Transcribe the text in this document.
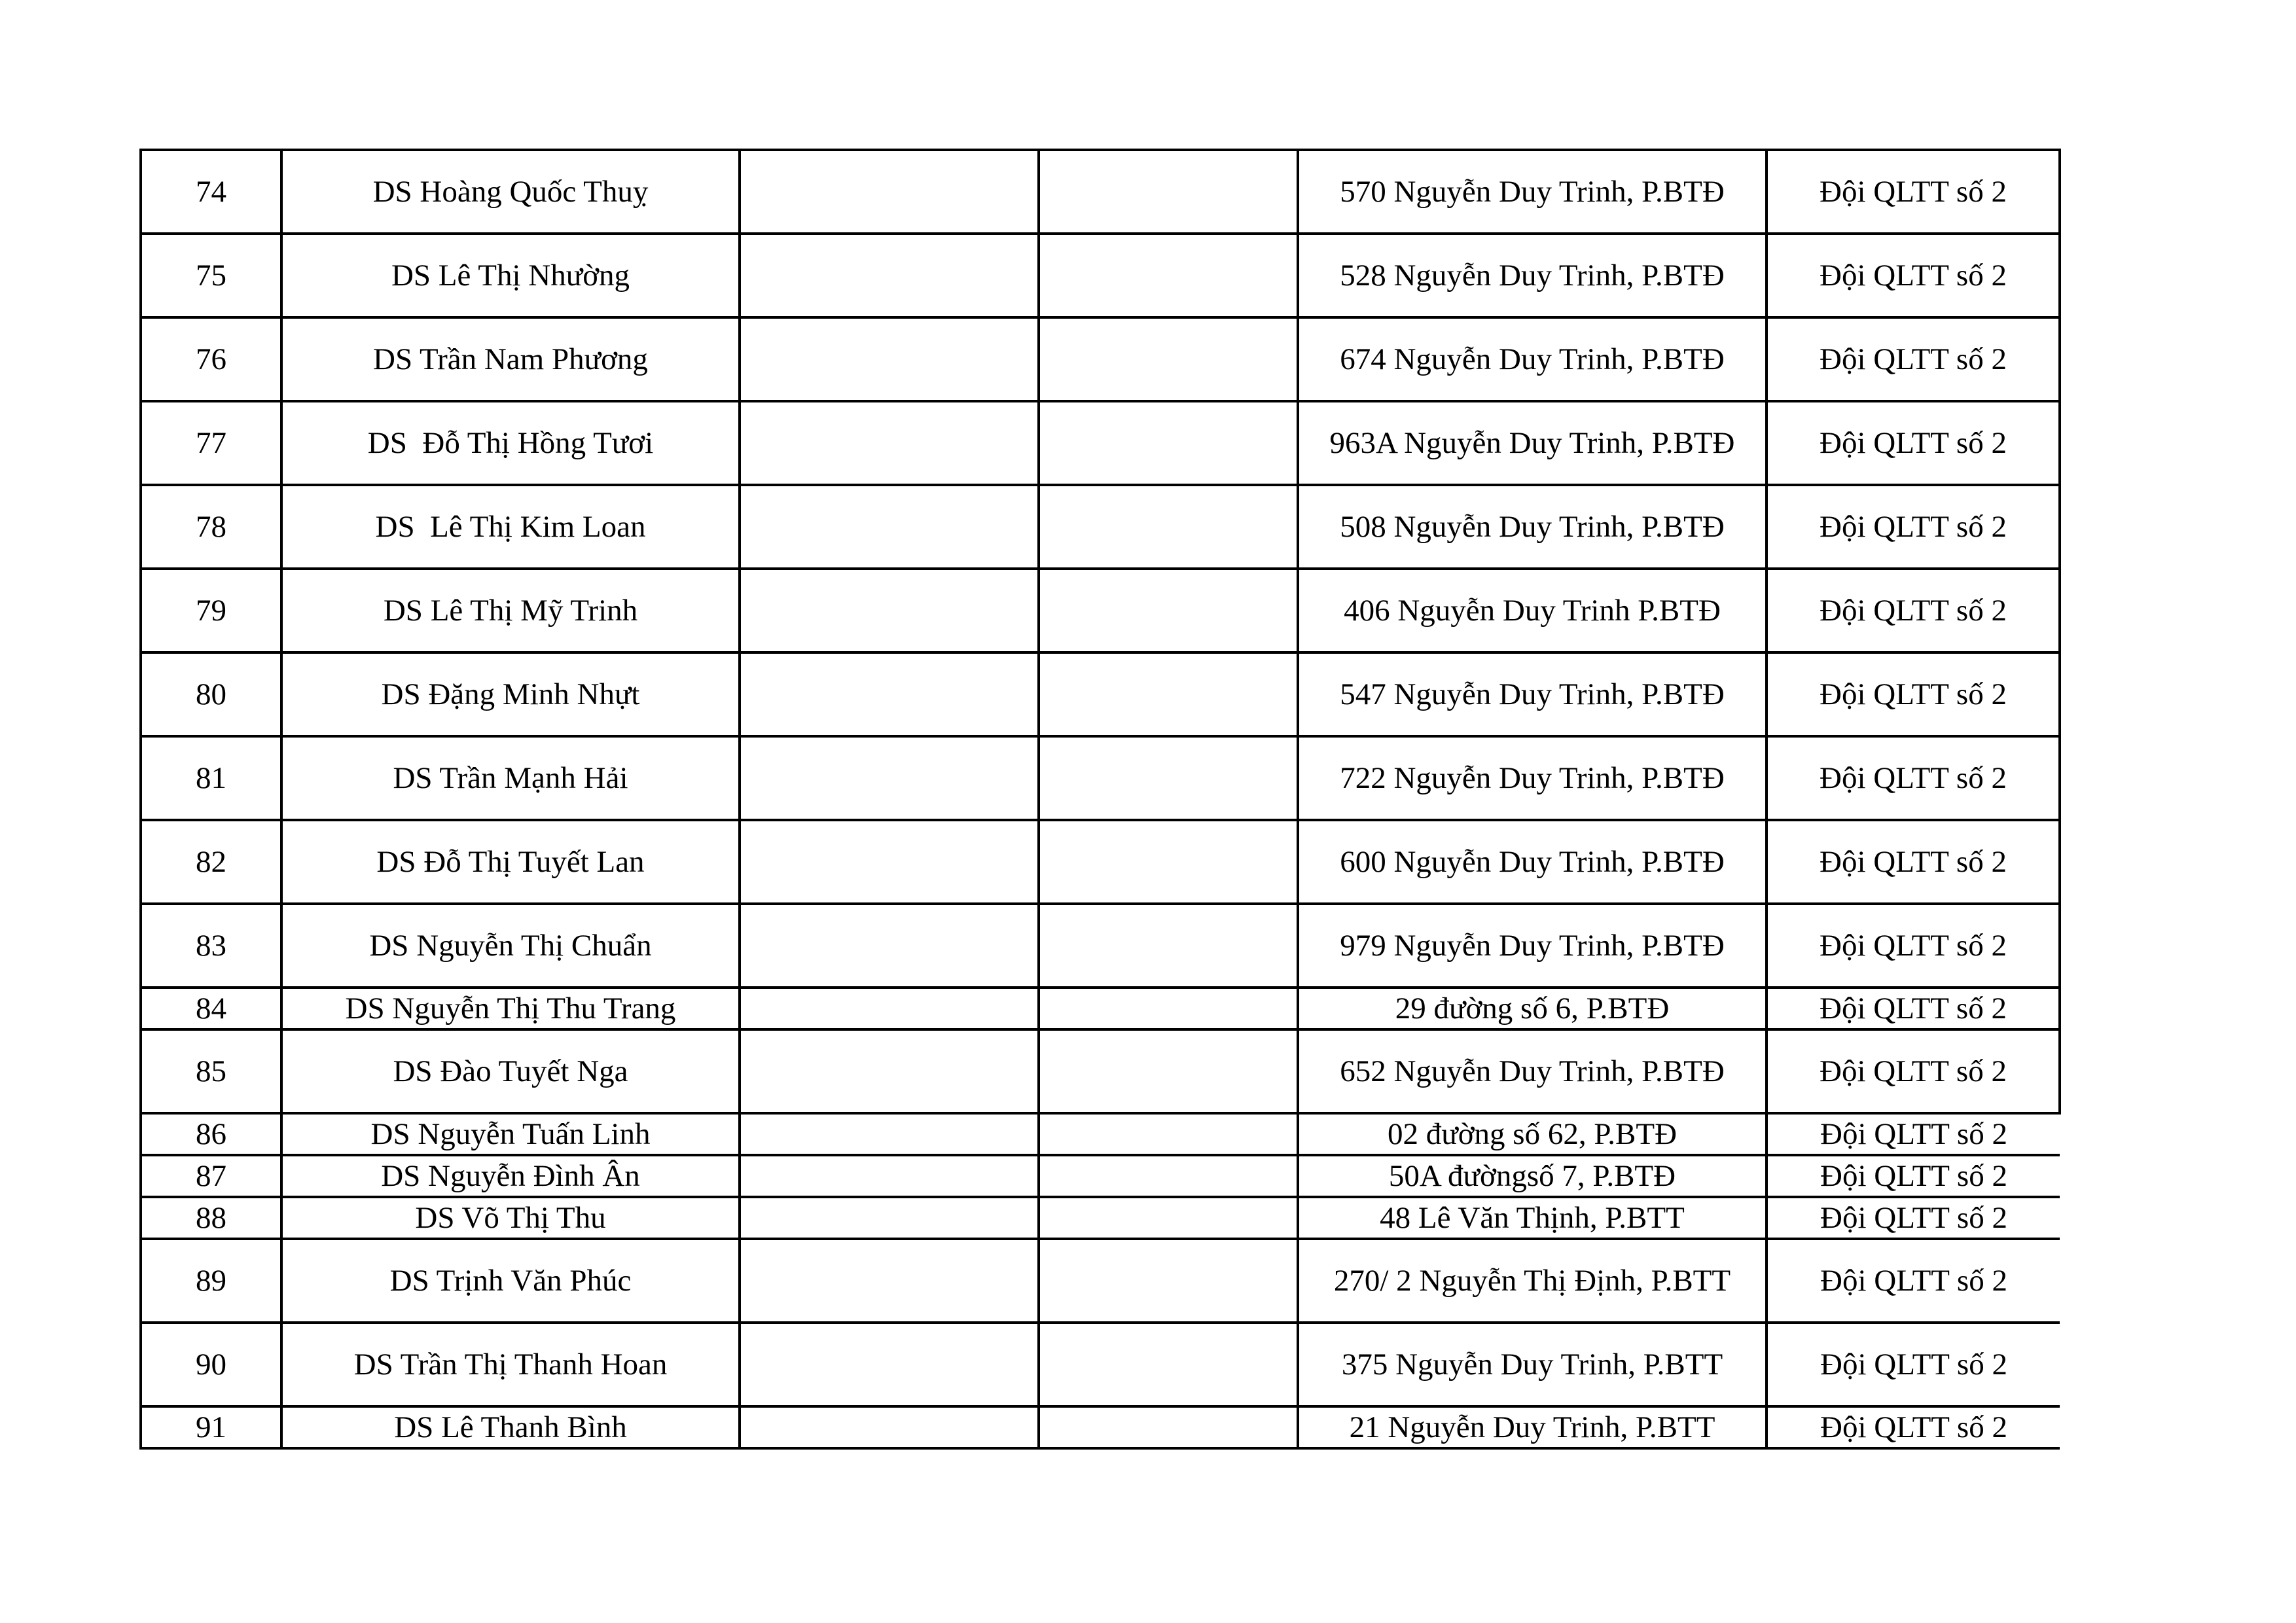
74	DS Hoàng Quốc Thuỵ			570 Nguyễn Duy Trinh, P.BTĐ	Đội QLTT số 2
75	DS Lê Thị Nhường			528 Nguyễn Duy Trinh, P.BTĐ	Đội QLTT số 2
76	DS Trần Nam Phương			674 Nguyễn Duy Trinh, P.BTĐ	Đội QLTT số 2
77	DS  Đỗ Thị Hồng Tươi			963A Nguyễn Duy Trinh, P.BTĐ	Đội QLTT số 2
78	DS  Lê Thị Kim Loan			508 Nguyễn Duy Trinh, P.BTĐ	Đội QLTT số 2
79	DS Lê Thị Mỹ Trinh			406 Nguyễn Duy Trinh P.BTĐ	Đội QLTT số 2
80	DS Đặng Minh Nhựt			547 Nguyễn Duy Trinh, P.BTĐ	Đội QLTT số 2
81	DS Trần Mạnh Hải			722 Nguyễn Duy Trinh, P.BTĐ	Đội QLTT số 2
82	DS Đỗ Thị Tuyết Lan			600 Nguyễn Duy Trinh, P.BTĐ	Đội QLTT số 2
83	DS Nguyễn Thị Chuẩn			979 Nguyễn Duy Trinh, P.BTĐ	Đội QLTT số 2
84	DS Nguyễn Thị Thu Trang			29 đường số 6, P.BTĐ	Đội QLTT số 2
85	DS Đào Tuyết Nga			652 Nguyễn Duy Trinh, P.BTĐ	Đội QLTT số 2
86	DS Nguyễn Tuấn Linh			02 đường số 62, P.BTĐ	Đội QLTT số 2
87	DS Nguyễn Đình Ân			50A đườngsố 7, P.BTĐ	Đội QLTT số 2
88	DS Võ Thị Thu			48 Lê Văn Thịnh, P.BTT	Đội QLTT số 2
89	DS Trịnh Văn Phúc			270/ 2 Nguyễn Thị Định, P.BTT	Đội QLTT số 2
90	DS Trần Thị Thanh Hoan			375 Nguyễn Duy Trinh, P.BTT	Đội QLTT số 2
91	DS Lê Thanh Bình			21 Nguyễn Duy Trinh, P.BTT	Đội QLTT số 2
